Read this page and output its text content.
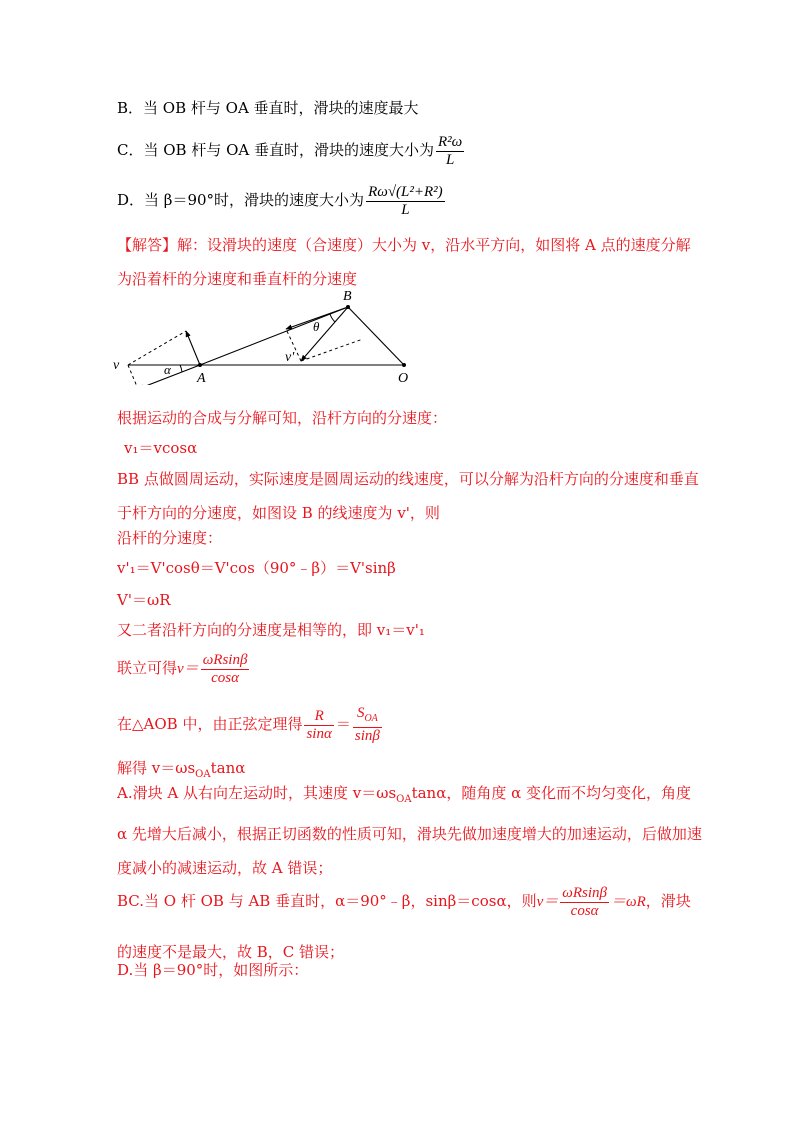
B．当 OB 杆与 OA 垂直时，滑块的速度最大
C．当 OB 杆与 OA 垂直时，滑块的速度大小为 $\frac{\text{R²ω}}{L}$
D．当 β＝90°时，滑块的速度大小为 $\frac{\text{Rω√(L²+R²)}}{L}$
【解答】解：设滑块的速度（合速度）大小为 v，沿水平方向，如图将 A 点的速度分解为沿着杆的分速度和垂直杆的分速度
B
A	O
v
v'
α
θ
根据运动的合成与分解可知，沿杆方向的分速度：
v₁＝vcosα
BB 点做圆周运动，实际速度是圆周运动的线速度，可以分解为沿杆方向的分速度和垂直于杆方向的分速度，如图设 B 的线速度为 v'，则
沿杆的分速度：
v'₁＝V'cosθ＝V'cos（90°﹣β）＝V'sinβ
V'＝ωR
又二者沿杆方向的分速度是相等的，即 v₁＝v'₁
联立可得$v= \frac{\omega Rsin\beta}{\cos\alpha}$
在△AOB 中，由正弦定理得 $\frac{R}{\sin\alpha} = \frac{S_{OA}}{\sin\beta}$
解得 $v=\omega s_{OA}\tan\alpha$
A.滑块 A 从右向左运动时，其速度 $v=\omega s_{OA}\tan\alpha$，随角度 α 变化而不均匀变化，角度 α 先增大后减小，根据正切函数的性质可知，滑块先做加速度增大的加速运动，后做加速度减小的减速运动，故 A 错误；
BC.当 O 杆 OB 与 AB 垂直时，α＝90°﹣β，sinβ＝cosα，则$v= \frac{\omega Rsin\beta}{\cos\alpha} =\omega R$，滑块的速度不是最大，故 B，C 错误；
D.当 β＝90°时，如图所示：
